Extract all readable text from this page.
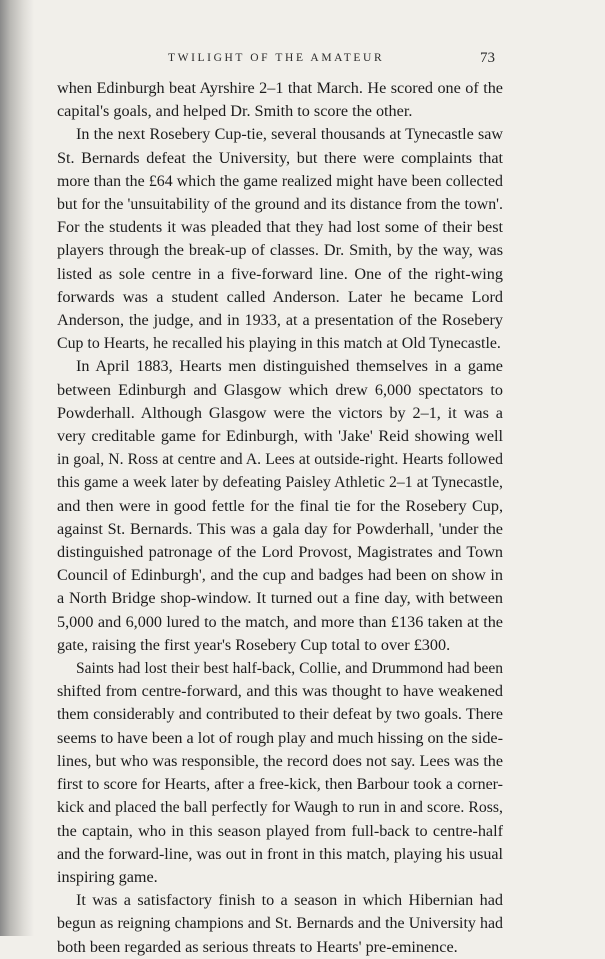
TWILIGHT OF THE AMATEUR	73

when Edinburgh beat Ayrshire 2–1 that March. He scored one of the
capital's goals, and helped Dr. Smith to score the other.

In the next Rosebery Cup-tie, several thousands at Tynecastle saw
St. Bernards defeat the University, but there were complaints that
more than the £64 which the game realized might have been collected
but for the 'unsuitability of the ground and its distance from the town'.
For the students it was pleaded that they had lost some of their best
players through the break-up of classes. Dr. Smith, by the way, was
listed as sole centre in a five-forward line. One of the right-wing
forwards was a student called Anderson. Later he became Lord
Anderson, the judge, and in 1933, at a presentation of the Rosebery
Cup to Hearts, he recalled his playing in this match at Old Tynecastle.

In April 1883, Hearts men distinguished themselves in a game
between Edinburgh and Glasgow which drew 6,000 spectators to
Powderhall. Although Glasgow were the victors by 2–1, it was a
very creditable game for Edinburgh, with 'Jake' Reid showing well
in goal, N. Ross at centre and A. Lees at outside-right. Hearts followed
this game a week later by defeating Paisley Athletic 2–1 at Tynecastle,
and then were in good fettle for the final tie for the Rosebery Cup,
against St. Bernards. This was a gala day for Powderhall, 'under the
distinguished patronage of the Lord Provost, Magistrates and Town
Council of Edinburgh', and the cup and badges had been on show in
a North Bridge shop-window. It turned out a fine day, with between
5,000 and 6,000 lured to the match, and more than £136 taken at the
gate, raising the first year's Rosebery Cup total to over £300.

Saints had lost their best half-back, Collie, and Drummond had been
shifted from centre-forward, and this was thought to have weakened
them considerably and contributed to their defeat by two goals. There
seems to have been a lot of rough play and much hissing on the side-
lines, but who was responsible, the record does not say. Lees was the
first to score for Hearts, after a free-kick, then Barbour took a corner-
kick and placed the ball perfectly for Waugh to run in and score. Ross,
the captain, who in this season played from full-back to centre-half
and the forward-line, was out in front in this match, playing his usual
inspiring game.

It was a satisfactory finish to a season in which Hibernian had
begun as reigning champions and St. Bernards and the University had
both been regarded as serious threats to Hearts' pre-eminence.
